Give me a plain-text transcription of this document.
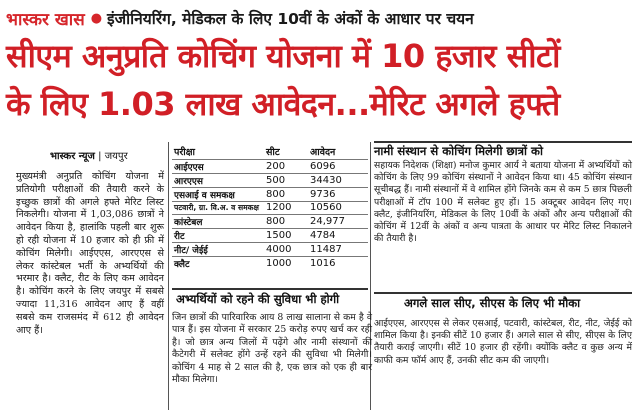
भास्कर खास ● इंजीनियरिंग, मेडिकल के लिए 10वीं के अंकों के आधार पर चयन
सीएम अनुप्रति कोचिंग योजना में 10 हजार सीटों
के लिए 1.03 लाख आवेदन...मेरिट अगले हफ्ते
भास्कर न्यूज | जयपुर
मुख्यमंत्री अनुप्रति कोचिंग योजना में प्रतियोगी परीक्षाओं की तैयारी करने के इच्छुक छात्रों की अगले हफ्ते मेरिट लिस्ट निकलेगी। योजना में 1,03,086 छात्रों ने आवेदन किया है, हालांकि पहली बार शुरू हो रही योजना में 10 हजार को ही फ्री में कोचिंग मिलेगी। आईएएस, आरएएस से लेकर कांस्टेबल भर्ती के अभ्यर्थियों की भरमार है। क्लैट, रीट के लिए कम आवेदन है। कोचिंग करने के लिए जयपुर में सबसे ज्यादा 11,316 आवेदन आए हैं वहीं सबसे कम राजसमंद में 612 ही आवेदन आए हैं।
परीक्षा	सीट	आवेदन
आईएएस	200	6096
आरएएस	500	34430
एसआई व समकक्ष	800	9736
पटवारी, ग्रा. वि.अ. व समकक्ष	1200	10560
कांस्टेबल	800	24,977
रीट	1500	4784
नीट/ जेईई	4000	11487
क्लैट	1000	1016
नामी संस्थान से कोचिंग मिलेगी छात्रों को
सहायक निदेशक (शिक्षा) मनोज कुमार आर्य ने बताया योजना में अभ्यर्थियों को कोचिंग के लिए 99 कोचिंग संस्थानों ने आवेदन किया था। 45 कोचिंग संस्थान सूचीबद्ध हैं। नामी संस्थानों में वे शामिल होंगे जिनके कम से कम 5 छात्र पिछली परीक्षाओं में टॉप 100 में सलेक्ट हुए हों। 15 अक्टूबर आवेदन लिए गए। क्लैट, इंजीनियरिंग, मेडिकल के लिए 10वीं के अंकों और अन्य परीक्षाओं की कोचिंग में 12वीं के अंकों व अन्य पात्रता के आधार पर मेरिट लिस्ट निकालने की तैयारी है।
अभ्यर्थियों को रहने की सुविधा भी होगी
जिन छात्रों की पारिवारिक आय 8 लाख सालाना से कम है वे पात्र हैं। इस योजना में सरकार 25 करोड़ रुपए खर्च कर रही है। जो छात्र अन्य जिलों में पढ़ेंगे और नामी संस्थानों की कैटेगरी में सलेक्ट होंगे उन्हें रहने की सुविधा भी मिलेगी। कोचिंग 4 माह से 2 साल की है, एक छात्र को एक ही बार मौका मिलेगा।
अगले साल सीए, सीएस के लिए भी मौका
आईएएस, आरएएस से लेकर एसआई, पटवारी, कांस्टेबल, रीट, नीट, जेईई को शामिल किया है। इनकी सीटें 10 हजार हैं। अगले साल से सीए, सीएस के लिए तैयारी कराई जाएगी। सीटें 10 हजार ही रहेंगी। क्योंकि क्लैट व कुछ अन्य में काफी कम फॉर्म आए हैं, उनकी सीट कम की जाएगी।
